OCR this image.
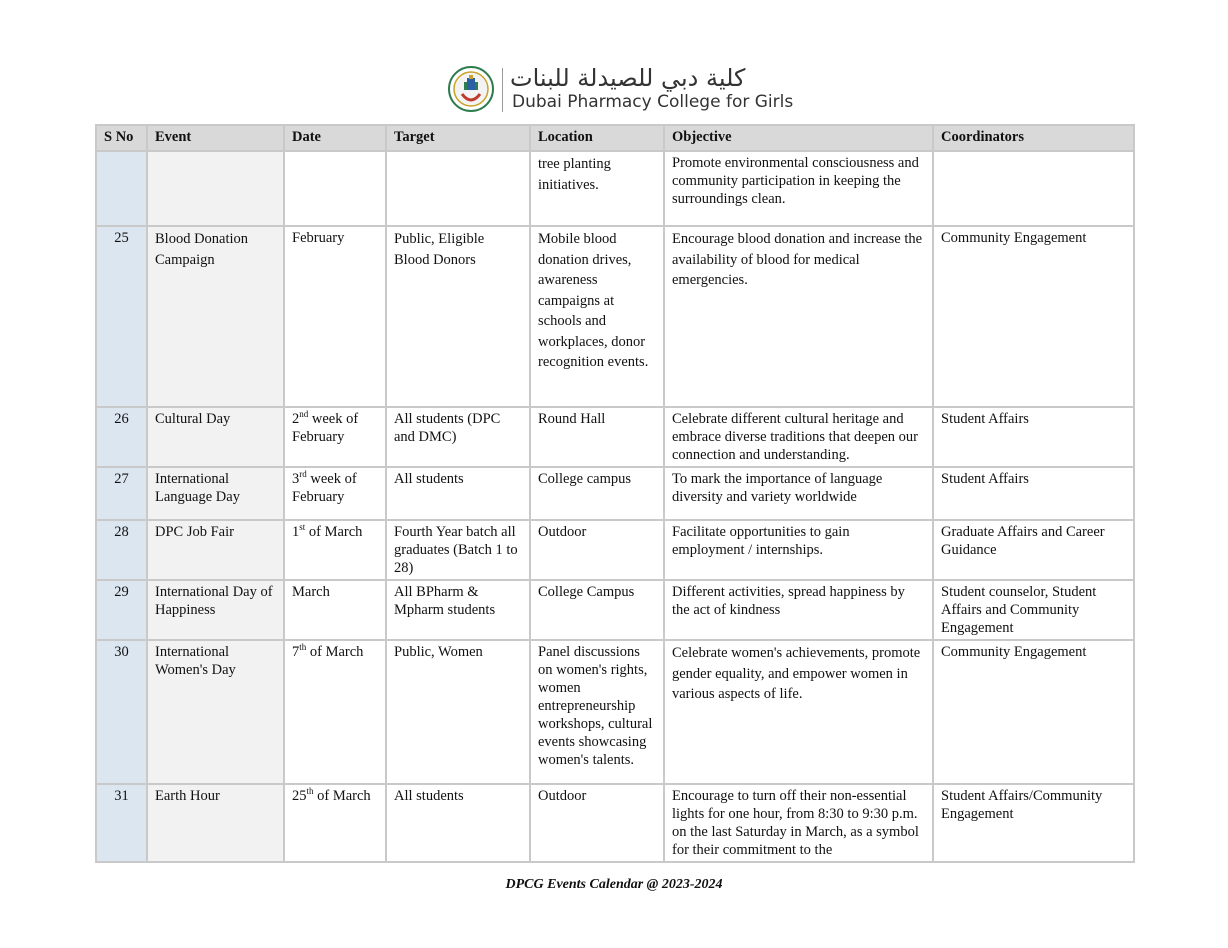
كلية دبي للصيدلة للبنات
Dubai Pharmacy College for Girls
S No	Event	Date	Target	Location	Objective	Coordinators
				tree planting initiatives.	Promote environmental consciousness and community participation in keeping the surroundings clean.	
25	Blood Donation Campaign	February	Public, Eligible Blood Donors	Mobile blood donation drives, awareness campaigns at schools and workplaces, donor recognition events.	Encourage blood donation and increase the availability of blood for medical emergencies.	Community Engagement
26	Cultural Day	2nd week of February	All students (DPC and DMC)	Round Hall	Celebrate different cultural heritage and embrace diverse traditions that deepen our connection and understanding.	Student Affairs
27	International Language Day	3rd week of February	All students	College campus	To mark the importance of language diversity and variety worldwide	Student Affairs
28	DPC Job Fair	1st of March	Fourth Year batch all graduates (Batch 1 to 28)	Outdoor	Facilitate opportunities to gain employment / internships.	Graduate Affairs and Career Guidance
29	International Day of Happiness	March	All BPharm & Mpharm students	College Campus	Different activities, spread happiness by the act of kindness	Student counselor, Student Affairs and Community Engagement
30	International Women's Day	7th of March	Public, Women	Panel discussions on women's rights, women entrepreneurship workshops, cultural events showcasing women's talents.	Celebrate women's achievements, promote gender equality, and empower women in various aspects of life.	Community Engagement
31	Earth Hour	25th of March	All students	Outdoor	Encourage to turn off their non-essential lights for one hour, from 8:30 to 9:30 p.m. on the last Saturday in March, as a symbol for their commitment to the	Student Affairs/Community Engagement
DPCG Events Calendar @ 2023-2024
